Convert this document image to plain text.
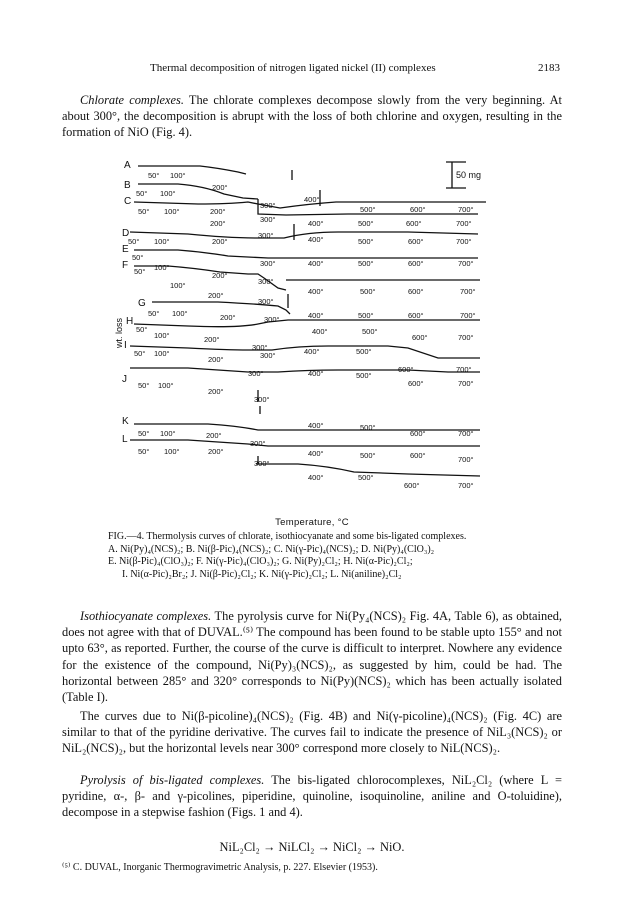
Thermal decomposition of nitrogen ligated nickel (II) complexes	2183
Chlorate complexes. The chlorate complexes decompose slowly from the very beginning. At about 300°, the decomposition is abrupt with the loss of both chlorine and oxygen, resulting in the formation of NiO (Fig. 4).
A
B
C
D
E
F
G
H
I
J
K
L
50 mg
wt. loss
50° 100°
50° 100°
200°
50° 100°	200°
300°
400°
500°	600°	700°
200°	300°	400°	500°	600°	700°
50° 100°	200°
300°	400°	500°	600°	700°
50°
100°
50°
100°
200°
300°	400°	500°	600°	700°
300°
200°	400°	500°	600°	700°
300°
50° 100°	200°	300°	400°	500°	600°	700°
50°
100°	200°
300°
400°	500°
600°	700°
50° 100°
200°	300°	400°	500°
600°	700°
300°	400°	500°
50° 100°
200°
600°	700°
300°
50° 100°
400°	500°
600°	700°
200°
300°
400°	500°	600°	700°
50° 100°	200°
300°
400°	500°
600°	700°
Temperature, °C
FIG.—4. Thermolysis curves of chlorate, isothiocyanate and some bis-ligated complexes.
A. Ni(Py)₄(NCS)₂; B. Ni(β-Pic)₄(NCS)₂; C. Ni(γ-Pic)₄(NCS)₂; D. Ni(Py)₄(ClO₃)₂
E. Ni(β-Pic)₄(ClO₃)₂; F. Ni(γ-Pic)₄(ClO₃)₂; G. Ni(Py)₂Cl₂; H. Ni(α-Pic)₂Cl₂;
I. Ni(α-Pic)₂Br₂; J. Ni(β-Pic)₂Cl₂; K. Ni(γ-Pic)₂Cl₂; L. Ni(aniline)₂Cl₂
Isothiocyanate complexes. The pyrolysis curve for Ni(Py₄(NCS)₂ Fig. 4A, Table 6), as obtained, does not agree with that of DUVAL.⁽⁵⁾ The compound has been found to be stable upto 155° and not upto 63°, as reported. Further, the course of the curve is difficult to interpret. Nowhere any evidence for the existence of the compound, Ni(Py)₃(NCS)₂, as suggested by him, could be had. The horizontal between 285° and 320° corresponds to Ni(Py)(NCS)₂ which has been actually isolated (Table I).
The curves due to Ni(β-picoline)₄(NCS)₂ (Fig. 4B) and Ni(γ-picoline)₄(NCS)₂ (Fig. 4C) are similar to that of the pyridine derivative. The curves fail to indicate the presence of NiL₃(NCS)₂ or NiL₂(NCS)₂, but the horizontal levels near 300° correspond more closely to NiL(NCS)₂.
Pyrolysis of bis-ligated complexes. The bis-ligated chlorocomplexes, NiL₂Cl₂ (where L = pyridine, α-, β- and γ-picolines, piperidine, quinoline, isoquinoline, aniline and O-toluidine), decompose in a stepwise fashion (Figs. 1 and 4).
NiL₂Cl₂ → NiLCl₂ → NiCl₂ → NiO.
⁽⁵⁾ C. DUVAL, Inorganic Thermogravimetric Analysis, p. 227. Elsevier (1953).
